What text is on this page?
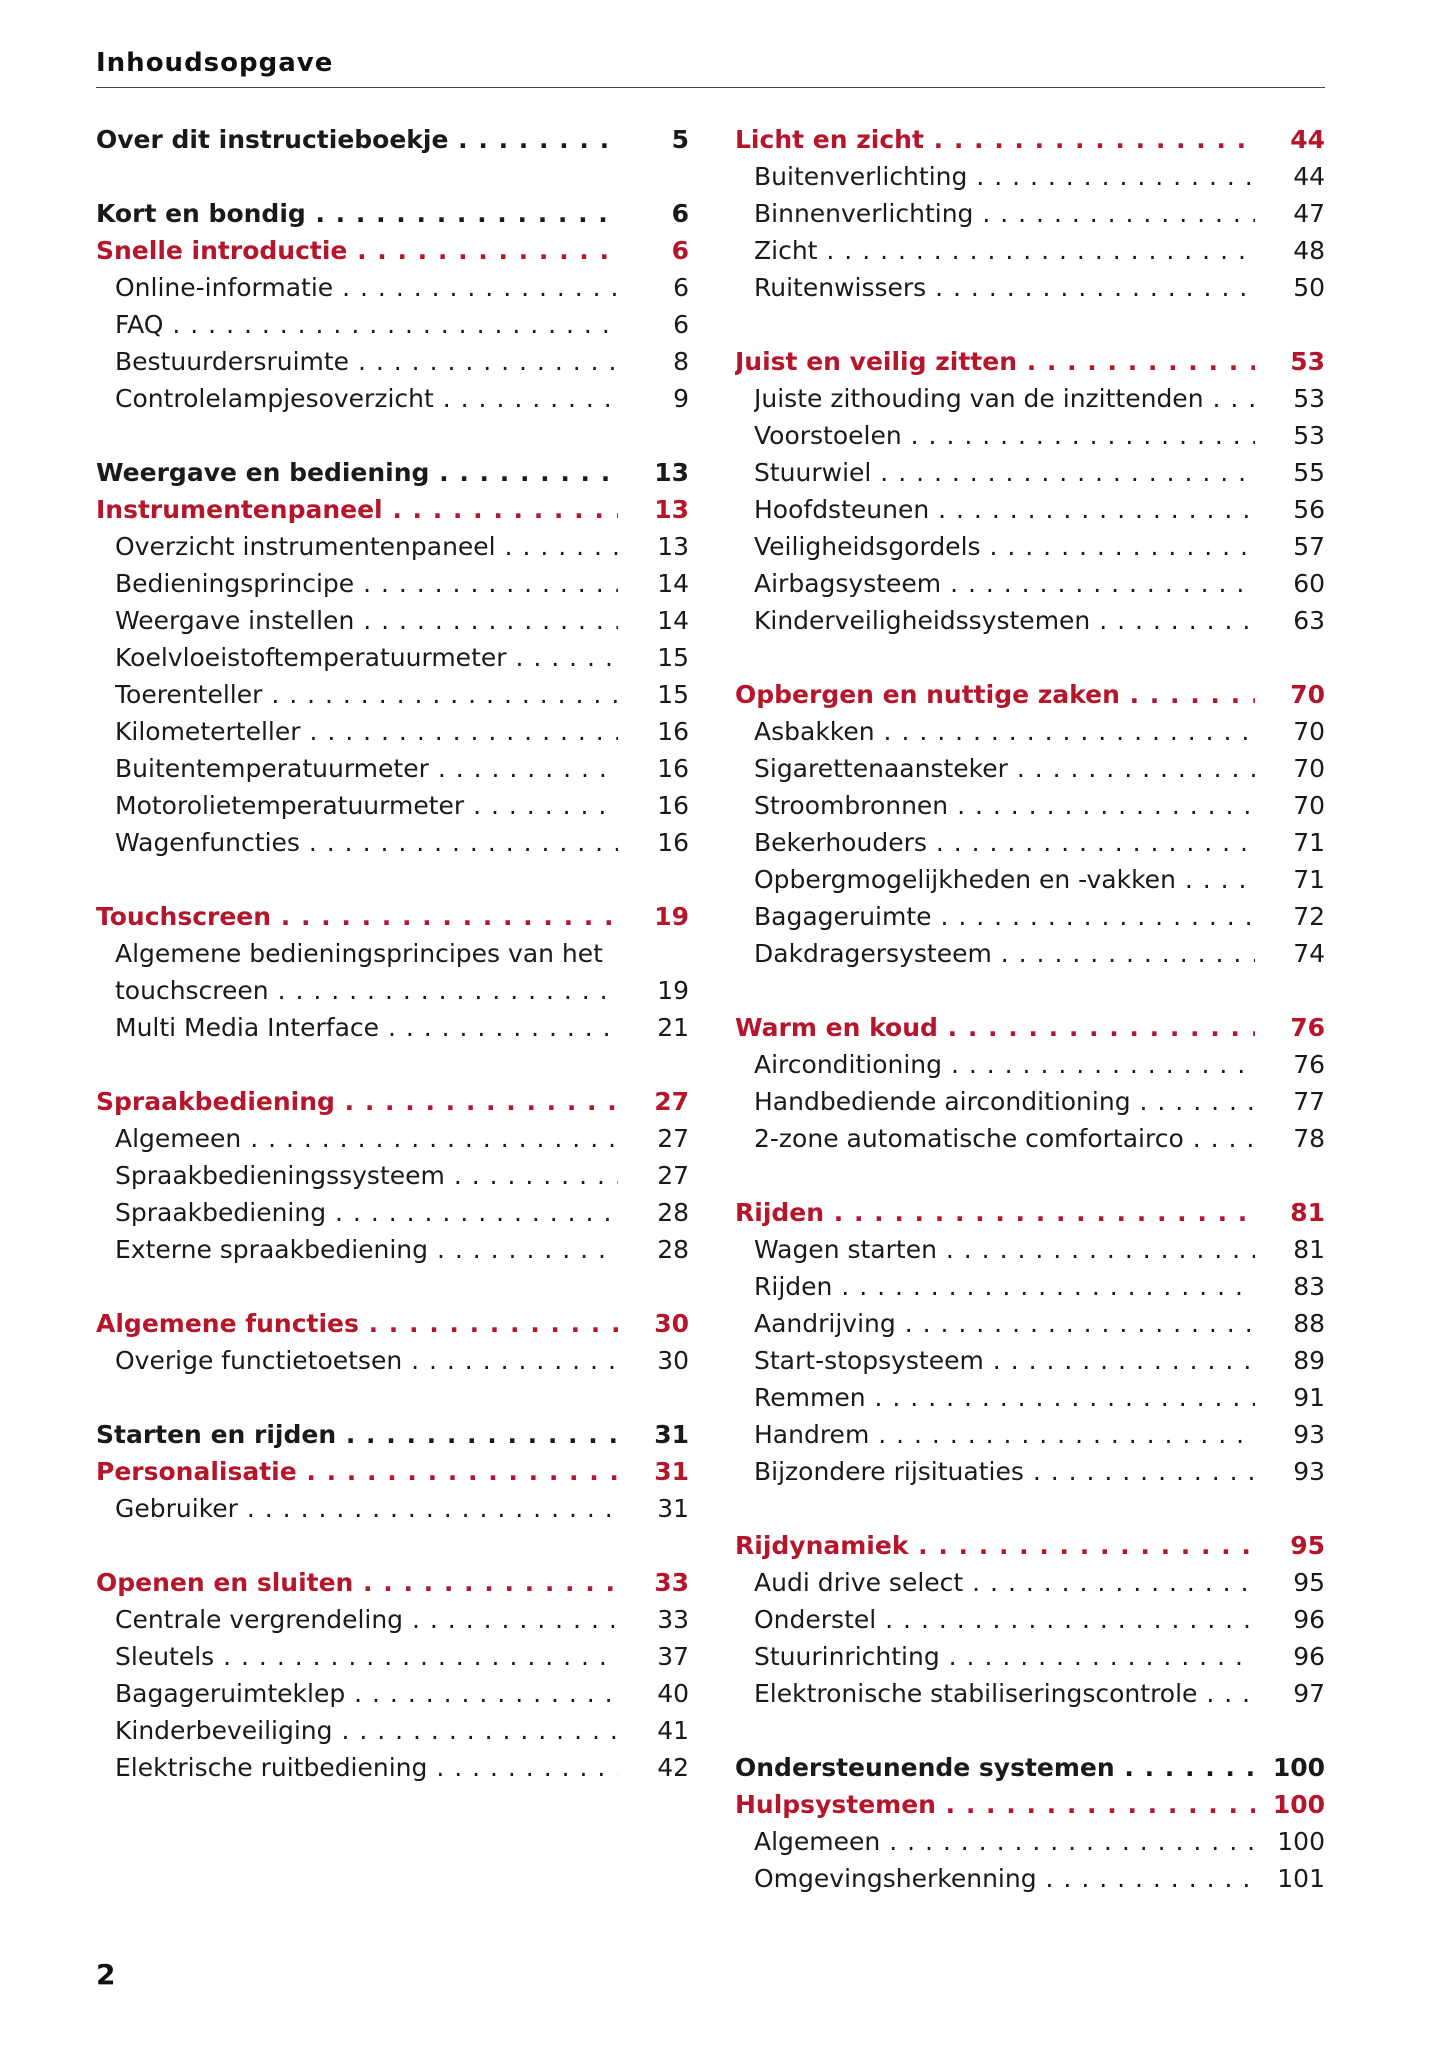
Inhoudsopgave
Over dit instructieboekje . . .	5
Kort en bondig . . .	6
Snelle introductie . . .	6
Online-informatie . . .	6
FAQ . . .	6
Bestuurdersruimte . . .	8
Controlelampjesoverzicht . . .	9
Weergave en bediening . . .	13
Instrumentenpaneel . . .	13
Overzicht instrumentenpaneel . . .	13
Bedieningsprincipe . . .	14
Weergave instellen . . .	14
Koelvloeistoftemperatuurmeter . . .	15
Toerenteller . . .	15
Kilometerteller . . .	16
Buitentemperatuurmeter . . .	16
Motorolietemperatuurmeter . . .	16
Wagenfuncties . . .	16
Touchscreen . . .	19
Algemene bedieningsprincipes van het
touchscreen . . .	19
Multi Media Interface . . .	21
Spraakbediening . . .	27
Algemeen . . .	27
Spraakbedieningssysteem . . .	27
Spraakbediening . . .	28
Externe spraakbediening . . .	28
Algemene functies . . .	30
Overige functietoetsen . . .	30
Starten en rijden . . .	31
Personalisatie . . .	31
Gebruiker . . .	31
Openen en sluiten . . .	33
Centrale vergrendeling . . .	33
Sleutels . . .	37
Bagageruimteklep . . .	40
Kinderbeveiliging . . .	41
Elektrische ruitbediening . . .	42
Licht en zicht . . .	44
Buitenverlichting . . .	44
Binnenverlichting . . .	47
Zicht . . .	48
Ruitenwissers . . .	50
Juist en veilig zitten . . .	53
Juiste zithouding van de inzittenden . . .	53
Voorstoelen . . .	53
Stuurwiel . . .	55
Hoofdsteunen . . .	56
Veiligheidsgordels . . .	57
Airbagsysteem . . .	60
Kinderveiligheidssystemen . . .	63
Opbergen en nuttige zaken . . .	70
Asbakken . . .	70
Sigarettenaansteker . . .	70
Stroombronnen . . .	70
Bekerhouders . . .	71
Opbergmogelijkheden en -vakken . . .	71
Bagageruimte . . .	72
Dakdragersysteem . . .	74
Warm en koud . . .	76
Airconditioning . . .	76
Handbediende airconditioning . . .	77
2-zone automatische comfortairco . . .	78
Rijden . . .	81
Wagen starten . . .	81
Rijden . . .	83
Aandrijving . . .	88
Start-stopsysteem . . .	89
Remmen . . .	91
Handrem . . .	93
Bijzondere rijsituaties . . .	93
Rijdynamiek . . .	95
Audi drive select . . .	95
Onderstel . . .	96
Stuurinrichting . . .	96
Elektronische stabiliseringscontrole . . .	97
Ondersteunende systemen . . .	100
Hulpsystemen . . .	100
Algemeen . . .	100
Omgevingsherkenning . . .	101
2
